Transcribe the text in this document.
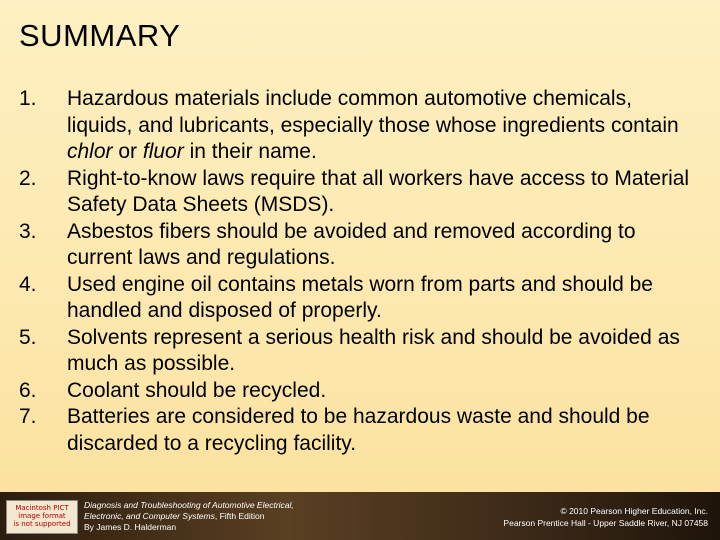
SUMMARY
1.	Hazardous materials include common automotive chemicals, liquids, and lubricants, especially those whose ingredients contain chlor or fluor in their name.
2.	Right-to-know laws require that all workers have access to Material Safety Data Sheets (MSDS).
3.	Asbestos fibers should be avoided and removed according to current laws and regulations.
4.	Used engine oil contains metals worn from parts and should be handled and disposed of properly.
5.	Solvents represent a serious health risk and should be avoided as much as possible.
6.	Coolant should be recycled.
7.	Batteries are considered to be hazardous waste and should be discarded to a recycling facility.
Macintosh PICT
image format
is not supported
Diagnosis and Troubleshooting of Automotive Electrical,
Electronic, and Computer Systems, Fifth Edition
By James D. Halderman
© 2010 Pearson Higher Education, Inc.
Pearson Prentice Hall - Upper Saddle River, NJ 07458
